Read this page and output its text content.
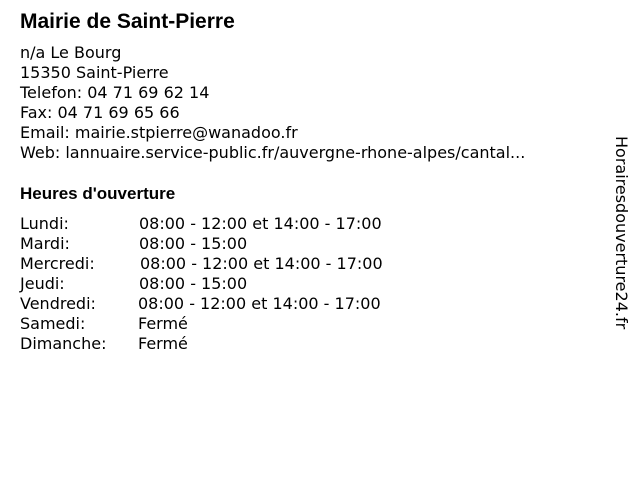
Mairie de Saint-Pierre
n/a Le Bourg
15350 Saint-Pierre
Telefon: 04 71 69 62 14
Fax: 04 71 69 65 66
Email: mairie.stpierre@wanadoo.fr
Web: lannuaire.service-public.fr/auvergne-rhone-alpes/cantal...
Heures d'ouverture
Lundi:	08:00 - 12:00 et 14:00 - 17:00
Mardi:	08:00 - 15:00
Mercredi:	08:00 - 12:00 et 14:00 - 17:00
Jeudi:	08:00 - 15:00
Vendredi:	08:00 - 12:00 et 14:00 - 17:00
Samedi:	Fermé
Dimanche: Fermé
Horairesdouverture24.fr
